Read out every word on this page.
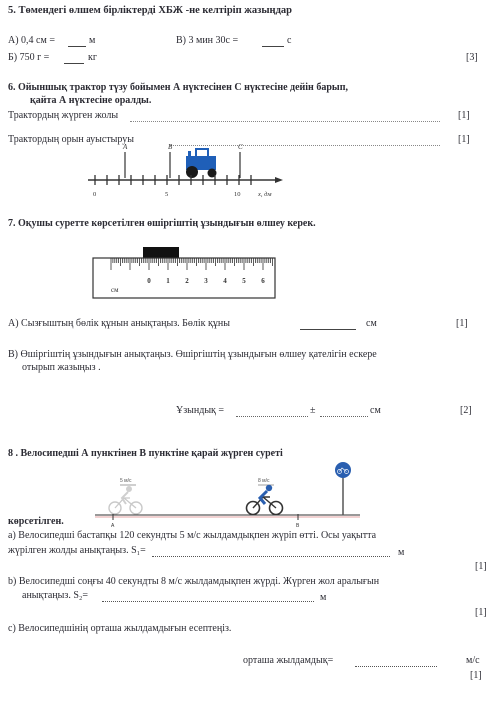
5. Төмендегі өлшем бірліктерді ХБЖ -не келтіріп жазыңдар
А) 0,4 см =	м	В) 3 мин 30с =	с
Б) 750 г =	кг	[3]
6. Ойыншық трактор түзу бойымен А нүктесінен С нүктесіне дейін барып,
қайта А нүктесіне оралды.
Трактордың жүрген жолы	[1]
Трактордың орын ауыстыруы	[1]
A	B	C
0	5	10	x, дм
7. Оқушы суретте көрсетілген өшіргіштің ұзындығын өлшеу керек.
0 1 2 3 4 5 6
см
А) Сызғыштың бөлік құнын анықтаңыз. Бөлік құны	см	[1]
В) Өшіргіштің ұзындығын анықтаңыз. Өшіргіштің ұзындығын өлшеу қателігін ескере
отырып жазыңыз .
Ұзындық =	±	см	[2]
8 . Велосипедші А пунктінен В пунктіне қарай жүрген суреті
5 м/с	8 м/с
A	B
көрсетілген.
а) Велосипедші бастапқы 120 секундты 5 м/с жылдамдықпен жүріп өтті. Осы уақытта
жүрілген жолды анықтаңыз. S₁=	м
[1]
b) Велосипедші соңғы 40 секундты 8 м/с жылдамдықпен жүрді. Жүрген жол аралығын
анықтаңыз. S₂=	м
[1]
c) Велосипедшінің орташа жылдамдығын есептеңіз.
орташа жылдамдық=	м/с
[1]
